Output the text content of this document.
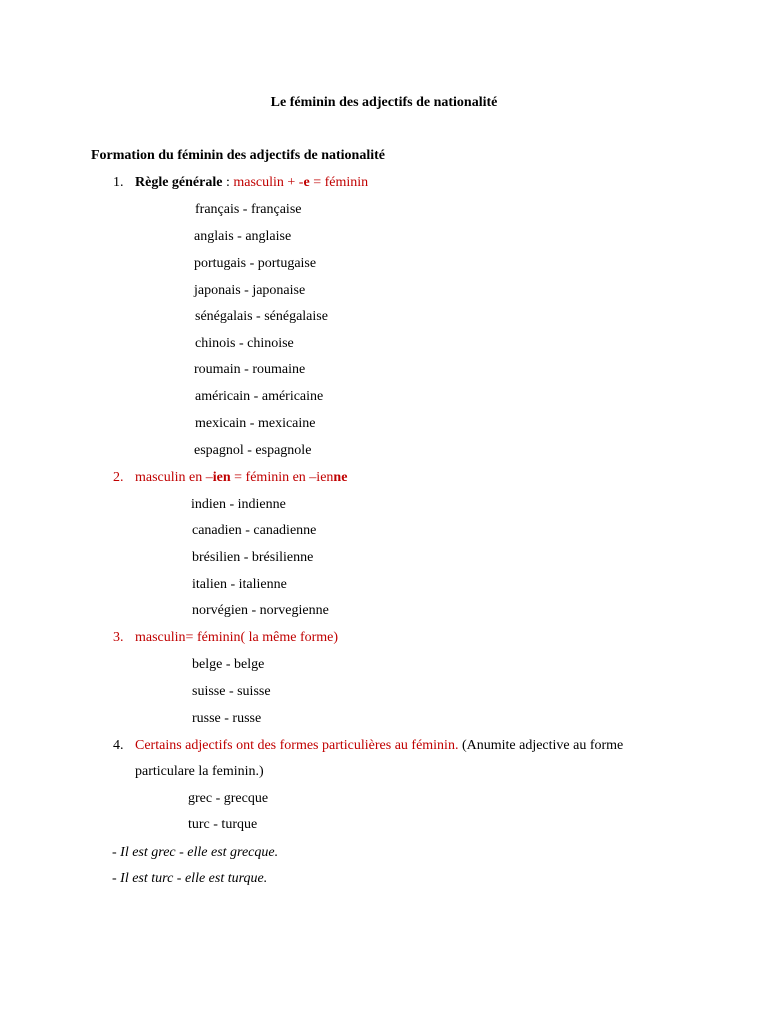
Le féminin des adjectifs de nationalité
Formation du féminin des adjectifs de nationalité
1. Règle générale : masculin + -e = féminin
français - française
anglais - anglaise
portugais - portugaise
japonais - japonaise
sénégalais - sénégalaise
chinois - chinoise
roumain - roumaine
américain - américaine
mexicain - mexicaine
espagnol - espagnole
2. masculin en –ien = féminin en –ienne
indien - indienne
canadien - canadienne
brésilien - brésilienne
italien - italienne
norvégien - norvegienne
3. masculin= féminin( la même forme)
belge - belge
suisse - suisse
russe - russe
4. Certains adjectifs ont des formes particulières au féminin. (Anumite adjective au forme
particulare la feminin.)
grec - grecque
turc - turque
- Il est grec - elle est grecque.
- Il est turc - elle est turque.
